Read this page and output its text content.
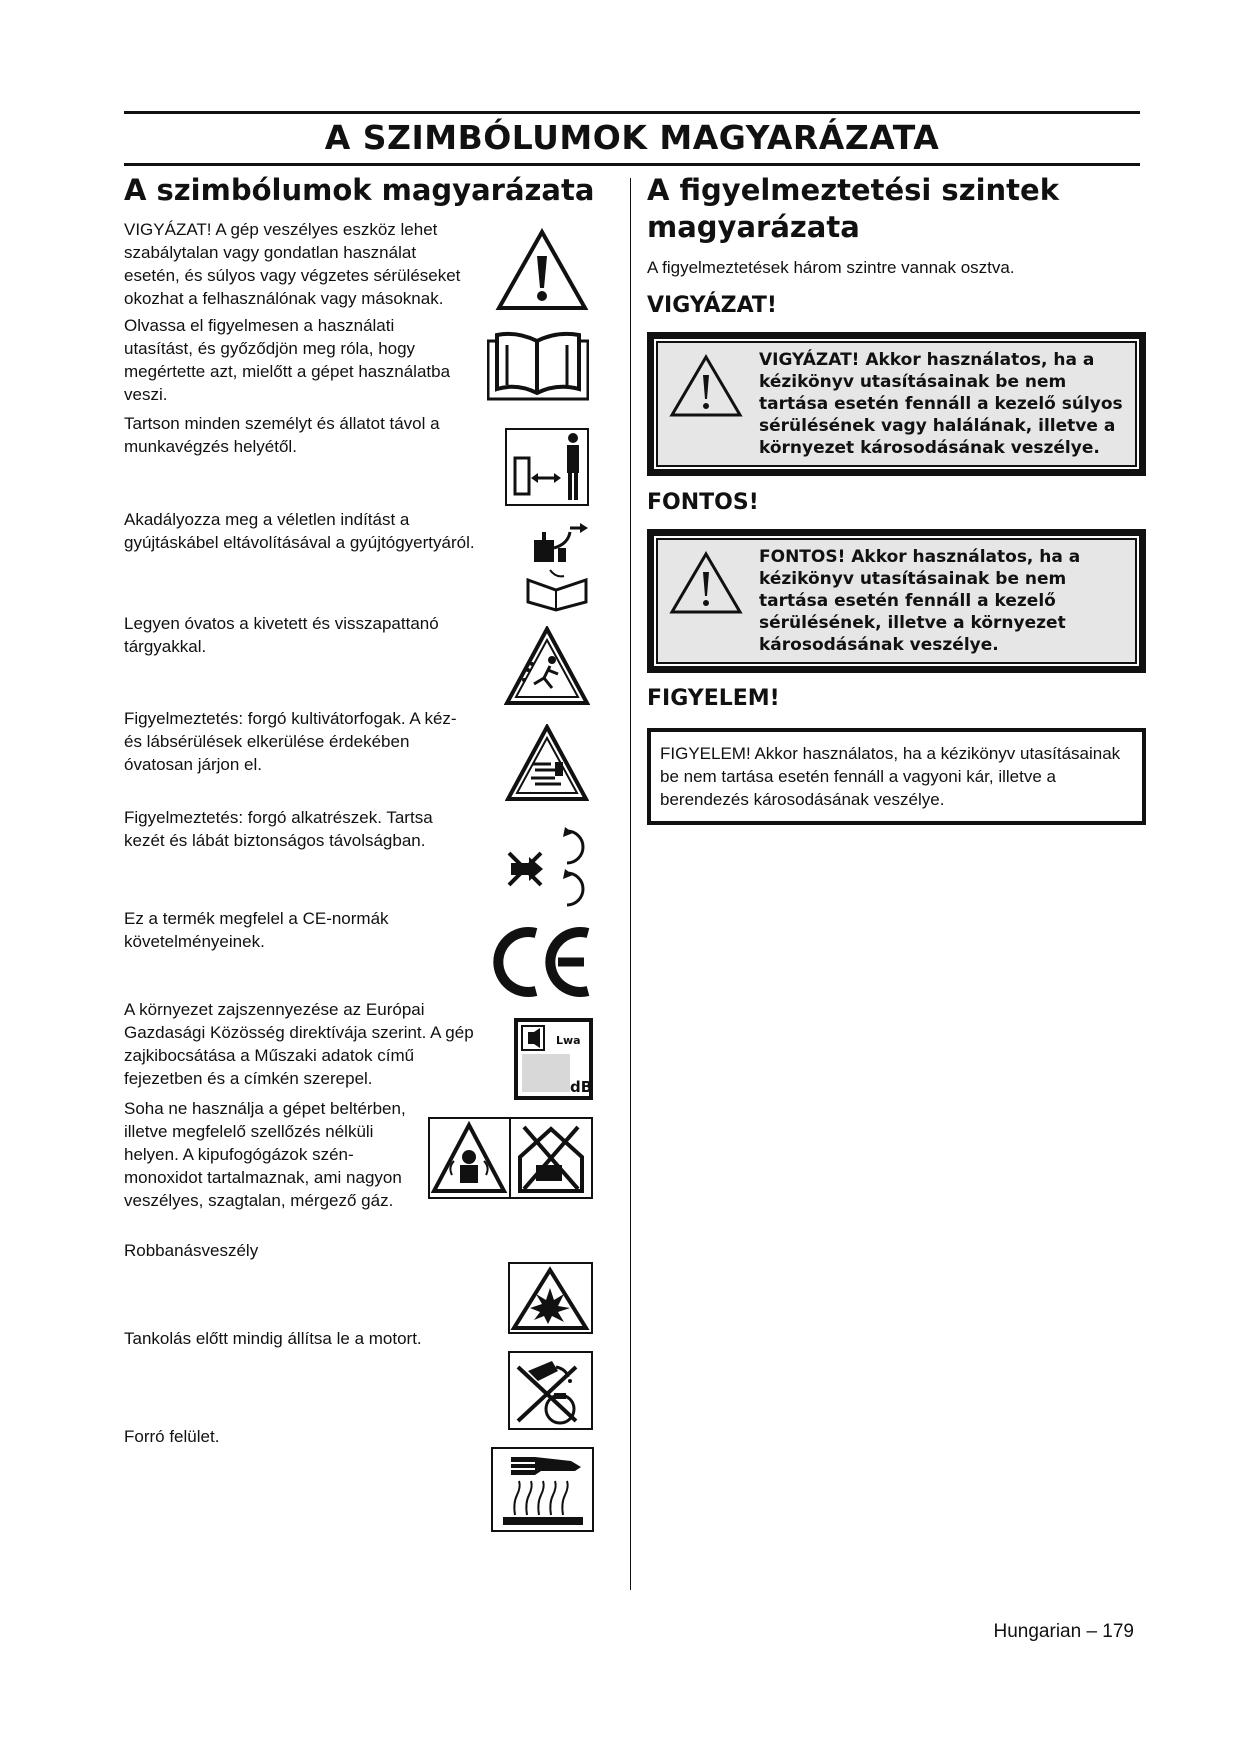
A SZIMBÓLUMOK MAGYARÁZATA
A szimbólumok magyarázata
VIGYÁZAT! A gép veszélyes eszköz lehet szabálytalan vagy gondatlan használat esetén, és súlyos vagy végzetes sérüléseket okozhat a felhasználónak vagy másoknak.
Olvassa el figyelmesen a használati utasítást, és győződjön meg róla, hogy megértette azt, mielőtt a gépet használatba veszi.
Tartson minden személyt és állatot távol a munkavégzés helyétől.
Akadályozza meg a véletlen indítást a gyújtáskábel eltávolításával a gyújtógyertyáról.
Legyen óvatos a kivetett és visszapattanó tárgyakkal.
Figyelmeztetés: forgó kultivátorfogak. A kéz- és lábsérülések elkerülése érdekében óvatosan járjon el.
Figyelmeztetés: forgó alkatrészek. Tartsa kezét és lábát biztonságos távolságban.
Ez a termék megfelel a CE-normák követelményeinek.
A környezet zajszennyezése az Európai Gazdasági Közösség direktívája szerint. A gép zajkibocsátása a Műszaki adatok című fejezetben és a címkén szerepel.
Soha ne használja a gépet beltérben, illetve megfelelő szellőzés nélküli helyen. A kipufogógázok szén-monoxidot tartalmaznak, ami nagyon veszélyes, szagtalan, mérgező gáz.
Robbanásveszély
Tankolás előtt mindig állítsa le a motort.
Forró felület.
Lwa
dB
A figyelmeztetési szintek magyarázata
A figyelmeztetések három szintre vannak osztva.
VIGYÁZAT!
VIGYÁZAT! Akkor használatos, ha a kézikönyv utasításainak be nem tartása esetén fennáll a kezelő súlyos sérülésének vagy halálának, illetve a környezet károsodásának veszélye.
FONTOS!
FONTOS! Akkor használatos, ha a kézikönyv utasításainak be nem tartása esetén fennáll a kezelő sérülésének, illetve a környezet károsodásának veszélye.
FIGYELEM!
FIGYELEM! Akkor használatos, ha a kézikönyv utasításainak be nem tartása esetén fennáll a vagyoni kár, illetve a berendezés károsodásának veszélye.
Hungarian – 179
